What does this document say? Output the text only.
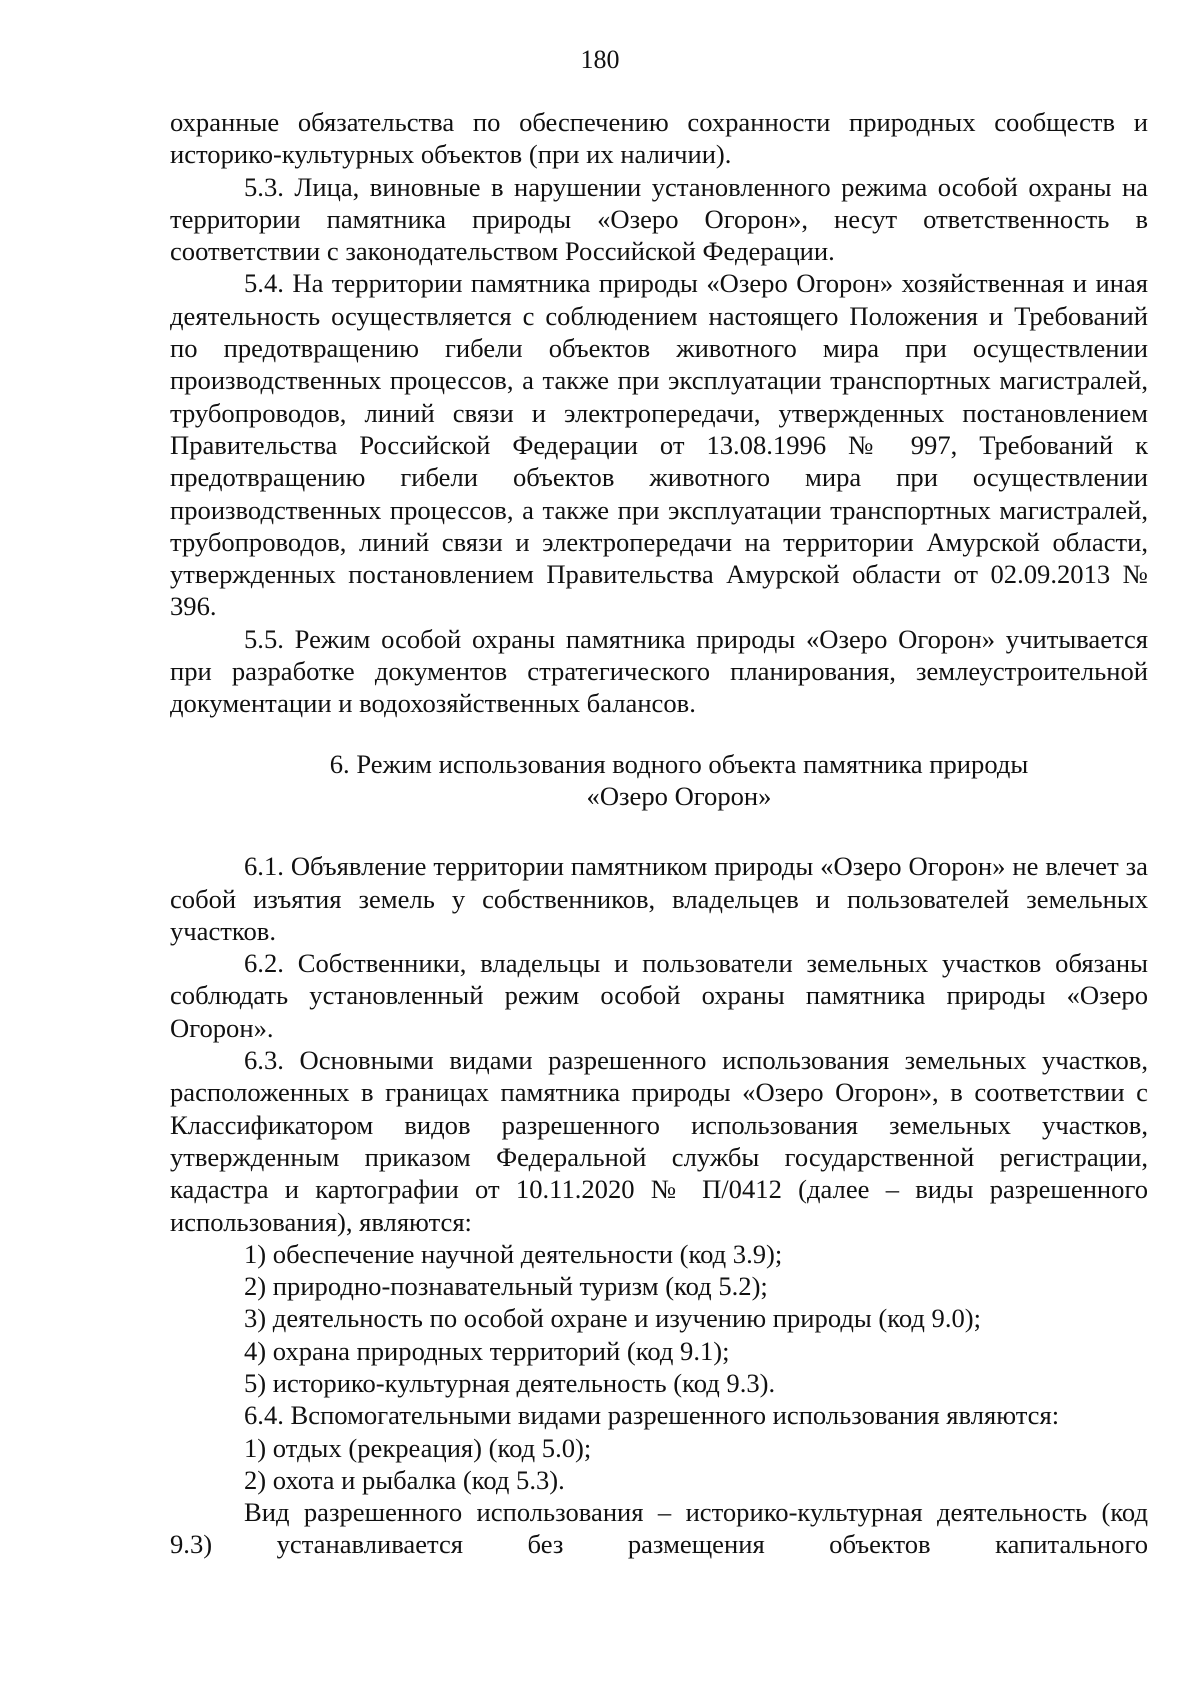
180

охранные обязательства по обеспечению сохранности природных сообществ и историко-культурных объектов (при их наличии).

5.3. Лица, виновные в нарушении установленного режима особой охраны на территории памятника природы «Озеро Огорон», несут ответственность в соответствии с законодательством Российской Федерации.

5.4. На территории памятника природы «Озеро Огорон» хозяйственная и иная деятельность осуществляется с соблюдением настоящего Положения и Требований по предотвращению гибели объектов животного мира при осуществлении производственных процессов, а также при эксплуатации транспортных магистралей, трубопроводов, линий связи и электропередачи, утвержденных постановлением Правительства Российской Федерации от 13.08.1996 № 997, Требований к предотвращению гибели объектов животного мира при осуществлении производственных процессов, а также при эксплуатации транспортных магистралей, трубопроводов, линий связи и электропередачи на территории Амурской области, утвержденных постановлением Правительства Амурской области от 02.09.2013 № 396.

5.5. Режим особой охраны памятника природы «Озеро Огорон» учитывается при разработке документов стратегического планирования, землеустроительной документации и водохозяйственных балансов.

6. Режим использования водного объекта памятника природы

«Озеро Огорон»

6.1. Объявление территории памятником природы «Озеро Огорон» не влечет за собой изъятия земель у собственников, владельцев и пользователей земельных участков.

6.2. Собственники, владельцы и пользователи земельных участков обязаны соблюдать установленный режим особой охраны памятника природы «Озеро Огорон».

6.3. Основными видами разрешенного использования земельных участков, расположенных в границах памятника природы «Озеро Огорон», в соответствии с Классификатором видов разрешенного использования земельных участков, утвержденным приказом Федеральной службы государственной регистрации, кадастра и картографии от 10.11.2020 № П/0412 (далее – виды разрешенного использования), являются:

1) обеспечение научной деятельности (код 3.9);

2) природно-познавательный туризм (код 5.2);

3) деятельность по особой охране и изучению природы (код 9.0);

4) охрана природных территорий (код 9.1);

5) историко-культурная деятельность (код 9.3).

6.4. Вспомогательными видами разрешенного использования являются:

1) отдых (рекреация) (код 5.0);

2) охота и рыбалка (код 5.3).

Вид разрешенного использования – историко-культурная деятельность (код 9.3) устанавливается без размещения объектов капитального
